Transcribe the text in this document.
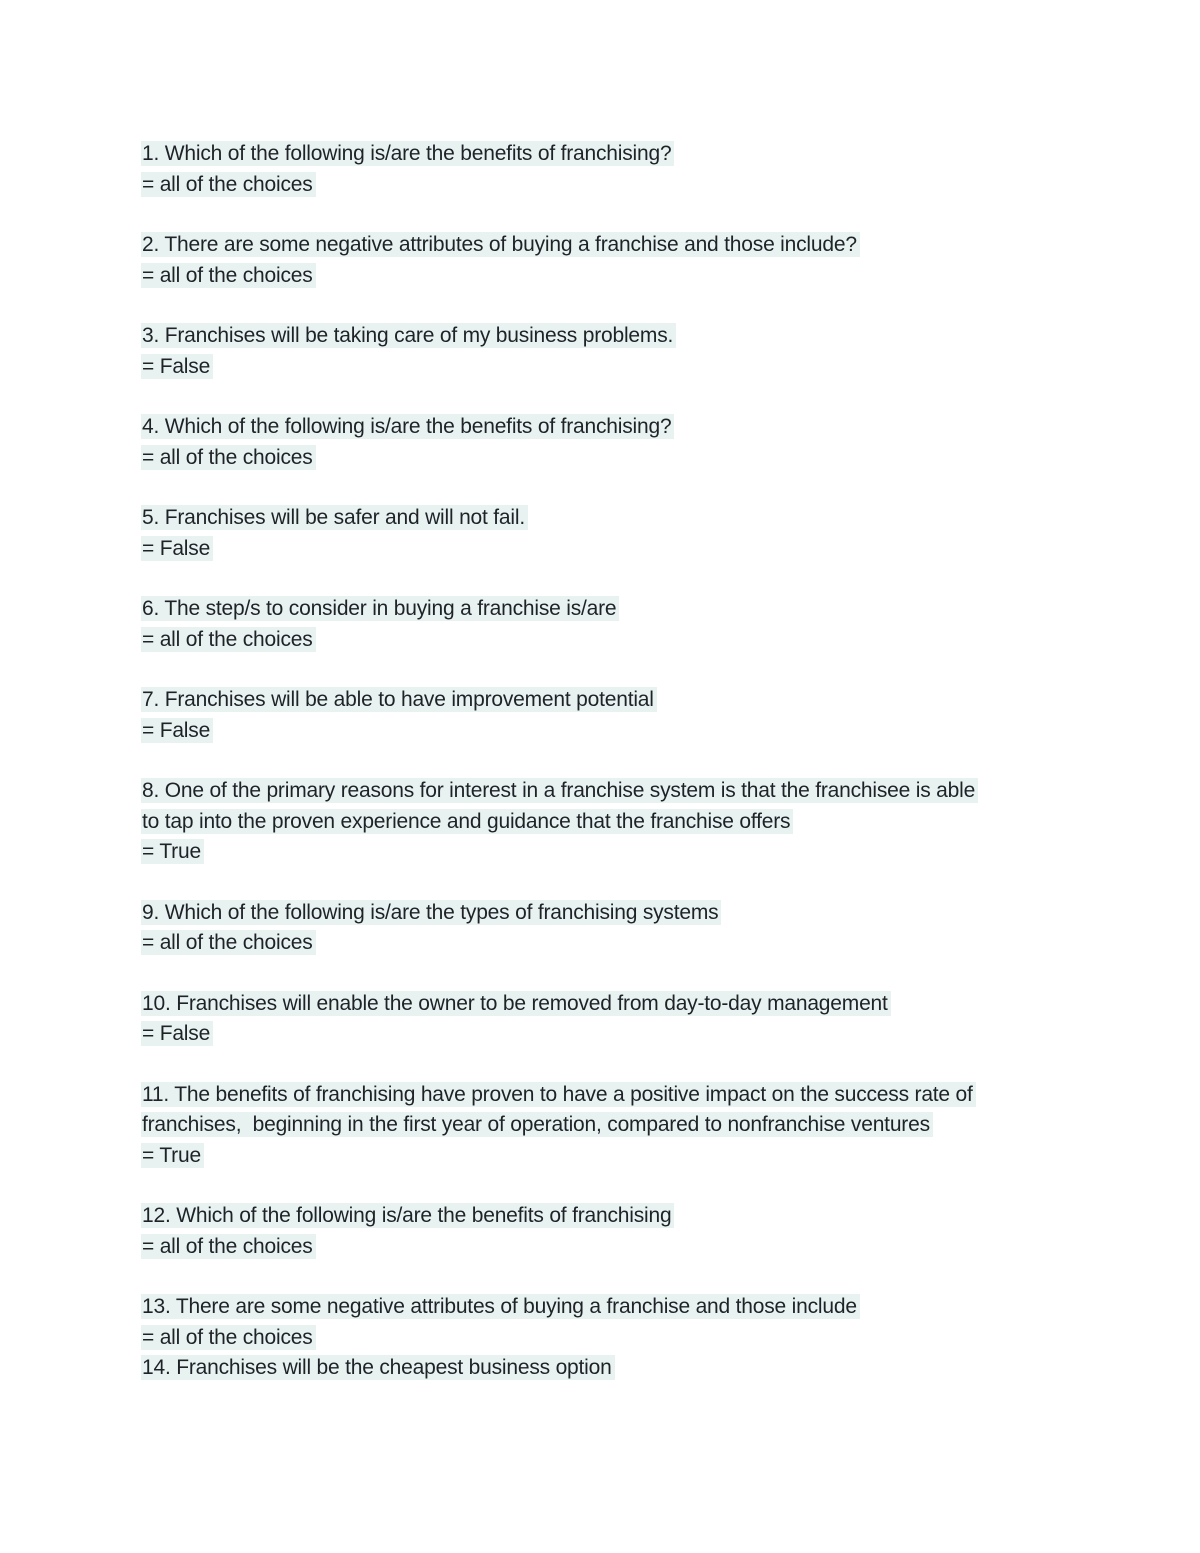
1. Which of the following is/are the benefits of franchising?
= all of the choices
2. There are some negative attributes of buying a franchise and those include?
= all of the choices
3. Franchises will be taking care of my business problems.
= False
4. Which of the following is/are the benefits of franchising?
= all of the choices
5. Franchises will be safer and will not fail.
= False
6. The step/s to consider in buying a franchise is/are
= all of the choices
7. Franchises will be able to have improvement potential
= False
8. One of the primary reasons for interest in a franchise system is that the franchisee is able
to tap into the proven experience and guidance that the franchise offers
= True
9. Which of the following is/are the types of franchising systems
= all of the choices
10. Franchises will enable the owner to be removed from day-to-day management
= False
11. The benefits of franchising have proven to have a positive impact on the success rate of
franchises,  beginning in the first year of operation, compared to nonfranchise ventures
= True
12. Which of the following is/are the benefits of franchising
= all of the choices
13. There are some negative attributes of buying a franchise and those include
= all of the choices
14. Franchises will be the cheapest business option
